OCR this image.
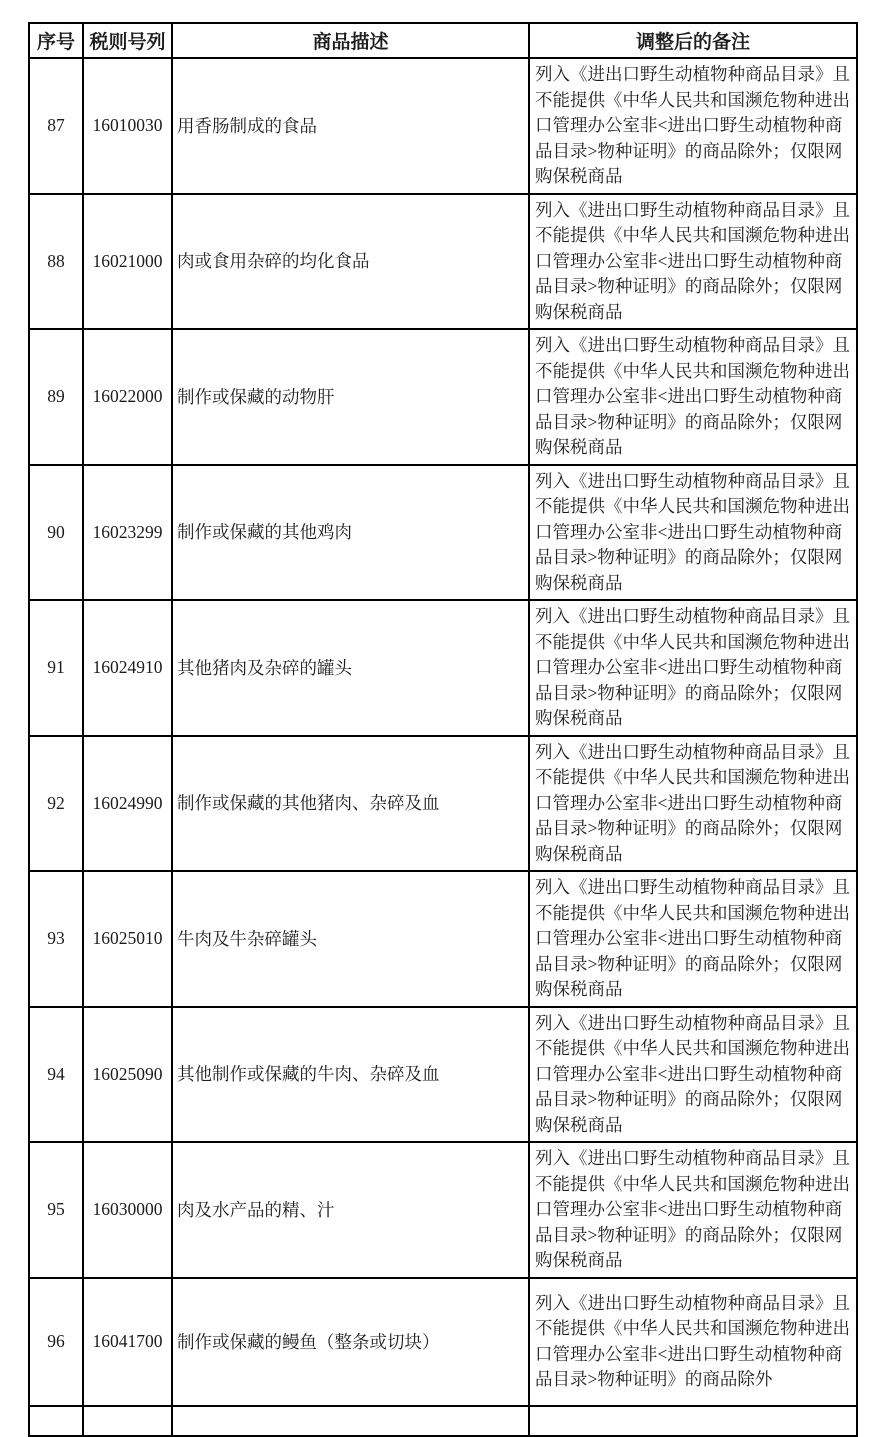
序号	税则号列	商品描述	调整后的备注
87	16010030	用香肠制成的食品	列入《进出口野生动植物种商品目录》且不能提供《中华人民共和国濒危物种进出口管理办公室非<进出口野生动植物种商品目录>物种证明》的商品除外；仅限网购保税商品
88	16021000	肉或食用杂碎的均化食品	列入《进出口野生动植物种商品目录》且不能提供《中华人民共和国濒危物种进出口管理办公室非<进出口野生动植物种商品目录>物种证明》的商品除外；仅限网购保税商品
89	16022000	制作或保藏的动物肝	列入《进出口野生动植物种商品目录》且不能提供《中华人民共和国濒危物种进出口管理办公室非<进出口野生动植物种商品目录>物种证明》的商品除外；仅限网购保税商品
90	16023299	制作或保藏的其他鸡肉	列入《进出口野生动植物种商品目录》且不能提供《中华人民共和国濒危物种进出口管理办公室非<进出口野生动植物种商品目录>物种证明》的商品除外；仅限网购保税商品
91	16024910	其他猪肉及杂碎的罐头	列入《进出口野生动植物种商品目录》且不能提供《中华人民共和国濒危物种进出口管理办公室非<进出口野生动植物种商品目录>物种证明》的商品除外；仅限网购保税商品
92	16024990	制作或保藏的其他猪肉、杂碎及血	列入《进出口野生动植物种商品目录》且不能提供《中华人民共和国濒危物种进出口管理办公室非<进出口野生动植物种商品目录>物种证明》的商品除外；仅限网购保税商品
93	16025010	牛肉及牛杂碎罐头	列入《进出口野生动植物种商品目录》且不能提供《中华人民共和国濒危物种进出口管理办公室非<进出口野生动植物种商品目录>物种证明》的商品除外；仅限网购保税商品
94	16025090	其他制作或保藏的牛肉、杂碎及血	列入《进出口野生动植物种商品目录》且不能提供《中华人民共和国濒危物种进出口管理办公室非<进出口野生动植物种商品目录>物种证明》的商品除外；仅限网购保税商品
95	16030000	肉及水产品的精、汁	列入《进出口野生动植物种商品目录》且不能提供《中华人民共和国濒危物种进出口管理办公室非<进出口野生动植物种商品目录>物种证明》的商品除外；仅限网购保税商品
96	16041700	制作或保藏的鳗鱼（整条或切块）	列入《进出口野生动植物种商品目录》且不能提供《中华人民共和国濒危物种进出口管理办公室非<进出口野生动植物种商品目录>物种证明》的商品除外
